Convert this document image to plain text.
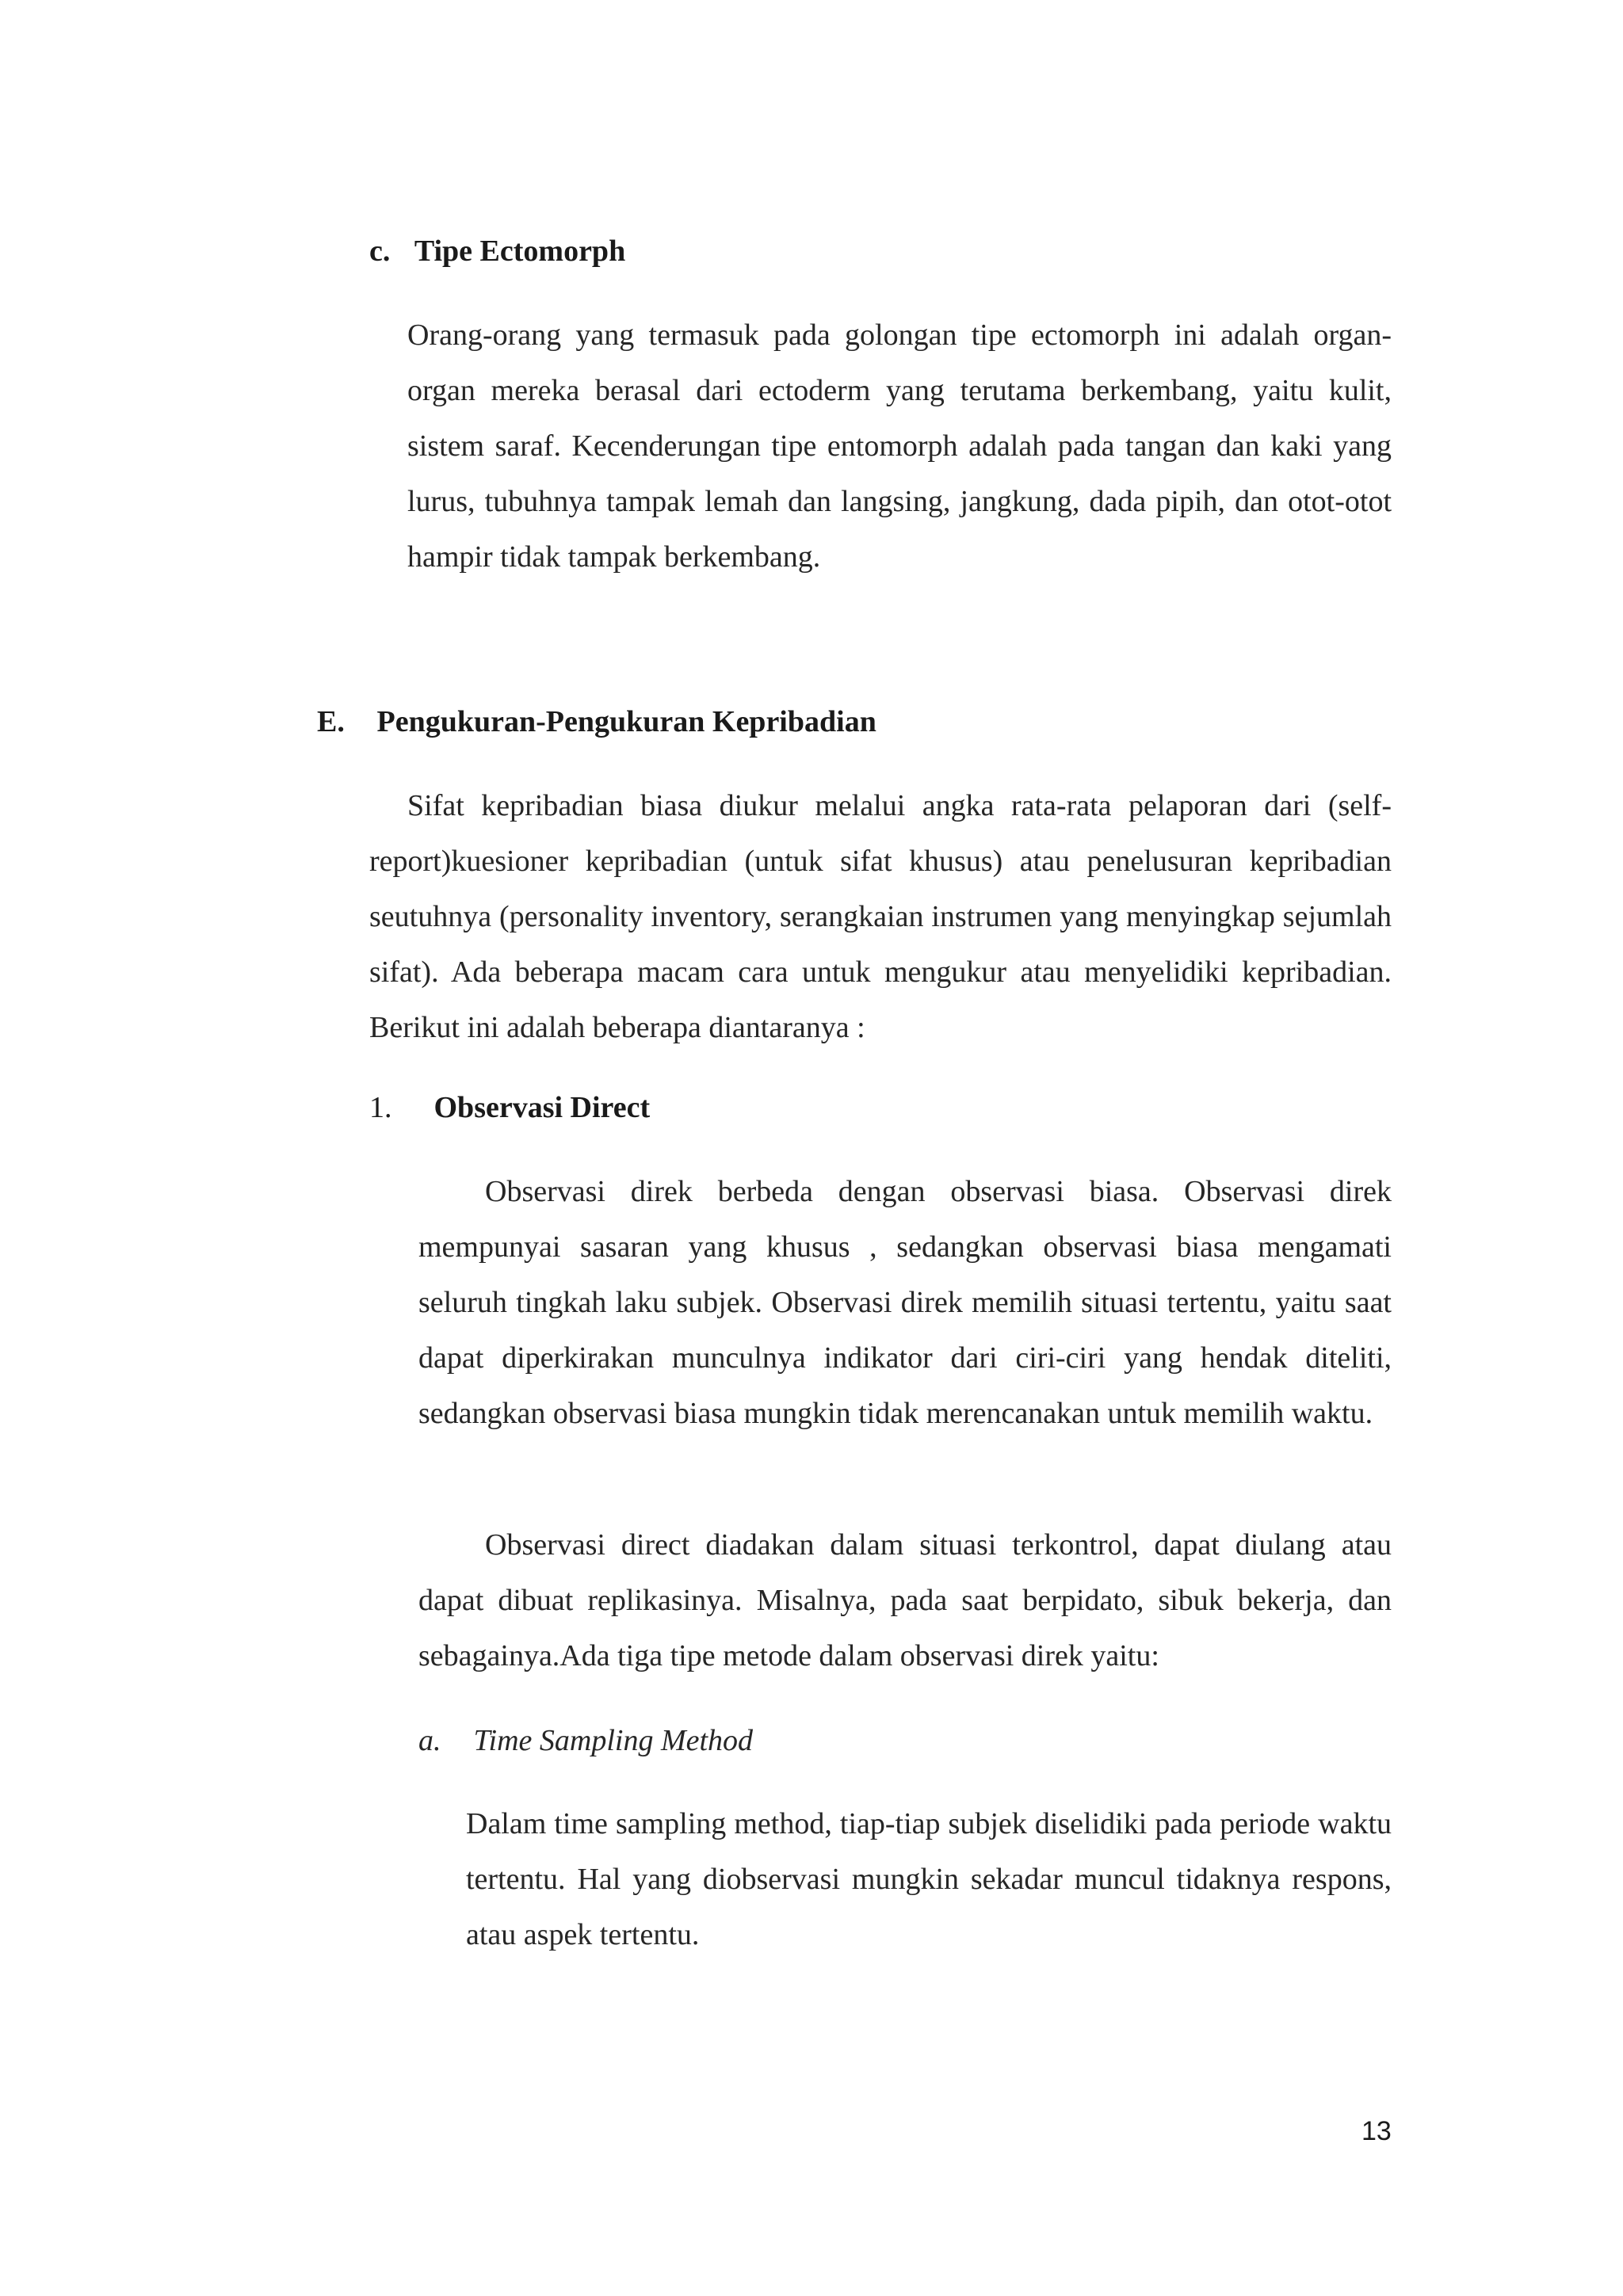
c. Tipe Ectomorph

Orang-orang yang termasuk pada golongan tipe ectomorph ini adalah organ-organ mereka berasal dari ectoderm yang terutama berkembang, yaitu kulit, sistem saraf. Kecenderungan tipe entomorph adalah pada tangan dan kaki yang lurus, tubuhnya tampak lemah dan langsing, jangkung, dada pipih, dan otot-otot hampir tidak tampak berkembang.

E. Pengukuran-Pengukuran Kepribadian

Sifat kepribadian biasa diukur melalui angka rata-rata pelaporan dari (self-report)kuesioner kepribadian (untuk sifat khusus) atau penelusuran kepribadian seutuhnya (personality inventory, serangkaian instrumen yang menyingkap sejumlah sifat). Ada beberapa macam cara untuk mengukur atau menyelidiki kepribadian. Berikut ini adalah beberapa diantaranya :

1. Observasi Direct

Observasi direk berbeda dengan observasi biasa. Observasi direk mempunyai sasaran yang khusus , sedangkan observasi biasa mengamati seluruh tingkah laku subjek. Observasi direk memilih situasi tertentu, yaitu saat dapat diperkirakan munculnya indikator dari ciri-ciri yang hendak diteliti, sedangkan observasi biasa mungkin tidak merencanakan untuk memilih waktu.

Observasi direct diadakan dalam situasi terkontrol, dapat diulang atau dapat dibuat replikasinya. Misalnya, pada saat berpidato, sibuk bekerja, dan sebagainya.Ada tiga tipe metode dalam observasi direk yaitu:

a. Time Sampling Method

Dalam time sampling method, tiap-tiap subjek diselidiki pada periode waktu tertentu. Hal yang diobservasi mungkin sekadar muncul tidaknya respons, atau aspek tertentu.

13
